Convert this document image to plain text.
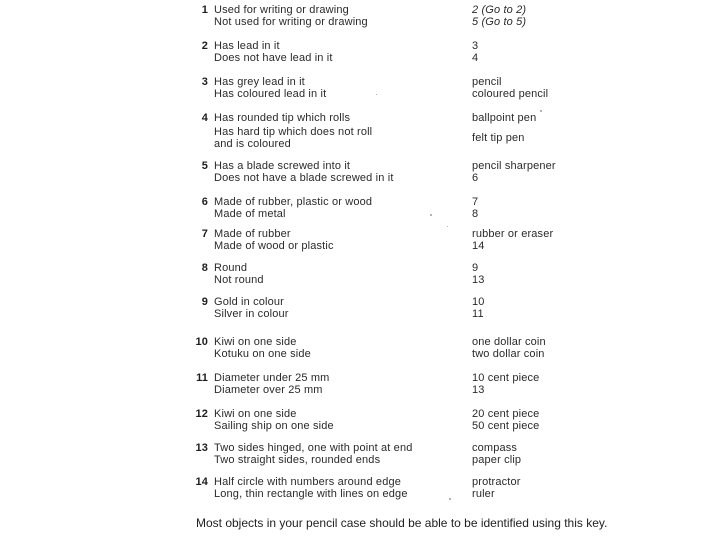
1 Used for writing or drawing	2 (Go to 2)
Not used for writing or drawing	5 (Go to 5)
2 Has lead in it	3
Does not have lead in it	4
3 Has grey lead in it	pencil
Has coloured lead in it	coloured pencil
4 Has rounded tip which rolls	ballpoint pen
Has hard tip which does not roll
and is coloured	felt tip pen
5 Has a blade screwed into it	pencil sharpener
Does not have a blade screwed in it	6
6 Made of rubber, plastic or wood	7
Made of metal	8
7 Made of rubber	rubber or eraser
Made of wood or plastic	14
8 Round	9
Not round	13
9 Gold in colour	10
Silver in colour	11
10 Kiwi on one side	one dollar coin
Kotuku on one side	two dollar coin
11 Diameter under 25 mm	10 cent piece
Diameter over 25 mm	13
12 Kiwi on one side	20 cent piece
Sailing ship on one side	50 cent piece
13 Two sides hinged, one with point at end	compass
Two straight sides, rounded ends	paper clip
14 Half circle with numbers around edge	protractor
Long, thin rectangle with lines on edge	ruler
Most objects in your pencil case should be able to be identified using this key.
